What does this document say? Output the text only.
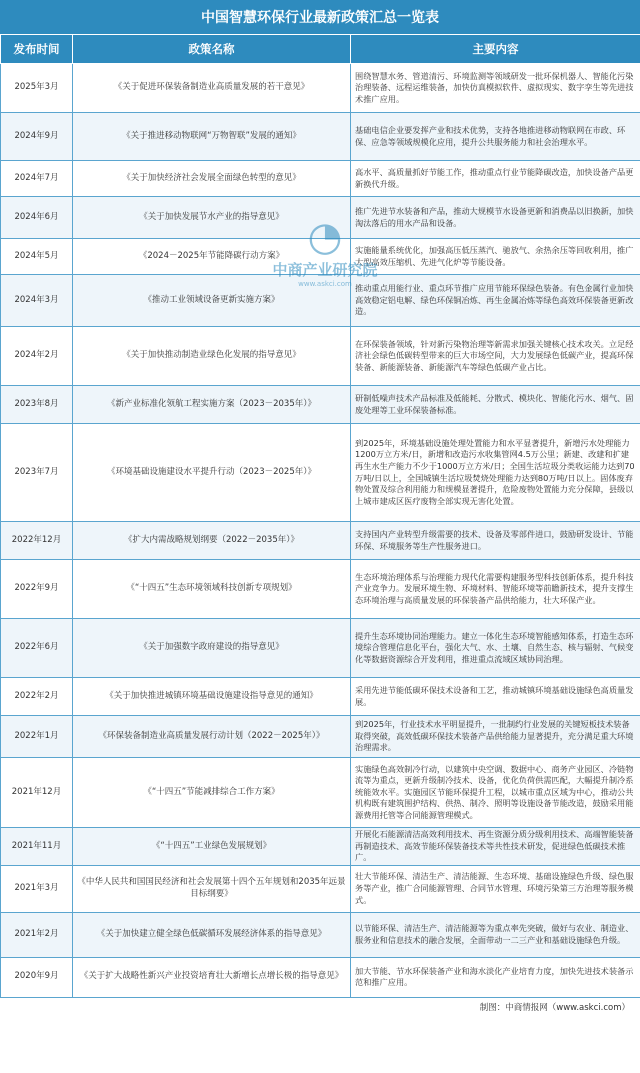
中国智慧环保行业最新政策汇总一览表
发布时间	政策名称	主要内容
2025年3月	《关于促进环保装备制造业高质量发展的若干意见》	围绕智慧水务、管道清污、环境监测等领域研发一批环保机器人、智能化污染治理装备、远程运维装备，加快仿真模拟软件、虚拟现实、数字孪生等先进技术推广应用。
2024年9月	《关于推进移动物联网“万物智联”发展的通知》	基础电信企业要发挥产业和技术优势，支持各地推进移动物联网在市政、环保、应急等领域规模化应用，提升公共服务能力和社会治理水平。
2024年7月	《关于加快经济社会发展全面绿色转型的意见》	高水平、高质量抓好节能工作，推动重点行业节能降碳改造，加快设备产品更新换代升级。
2024年6月	《关于加快发展节水产业的指导意见》	推广先进节水装备和产品，推动大规模节水设备更新和消费品以旧换新，加快淘汰落后的用水产品和设备。
2024年5月	《2024－2025年节能降碳行动方案》	实施能量系统优化，加强高压低压蒸汽、驰放气、余热余压等回收利用，推广大型高效压缩机、先进气化炉等节能设备。
2024年3月	《推动工业领域设备更新实施方案》	推动重点用能行业、重点环节推广应用节能环保绿色装备。有色金属行业加快高效稳定铝电解、绿色环保铜冶炼、再生金属冶炼等绿色高效环保装备更新改造。
2024年2月	《关于加快推动制造业绿色化发展的指导意见》	在环保装备领域，针对新污染物治理等新需求加强关键核心技术攻关。立足经济社会绿色低碳转型带来的巨大市场空间，大力发展绿色低碳产业，提高环保装备、新能源装备、新能源汽车等绿色低碳产业占比。
2023年8月	《新产业标准化领航工程实施方案（2023－2035年）》	研制低噪声技术产品标准及低能耗、分散式、模块化、智能化污水、烟气、固废处理等工业环保装备标准。
2023年7月	《环境基础设施建设水平提升行动（2023－2025年）》	到2025年，环境基础设施处理处置能力和水平显著提升，新增污水处理能力1200万立方米/日，新增和改造污水收集管网4.5万公里；新建、改建和扩建再生水生产能力不少于1000万立方米/日；全国生活垃圾分类收运能力达到70万吨/日以上，全国城镇生活垃圾焚烧处理能力达到80万吨/日以上。固体废弃物处置及综合利用能力和规模显著提升，危险废物处置能力充分保障，县级以上城市建成区医疗废物全部实现无害化处置。
2022年12月	《扩大内需战略规划纲要（2022－2035年）》	支持国内产业转型升级需要的技术、设备及零部件进口，鼓励研发设计、节能环保、环境服务等生产性服务进口。
2022年9月	《“十四五”生态环境领域科技创新专项规划》	生态环境治理体系与治理能力现代化需要构建服务型科技创新体系，提升科技产业竞争力。发展环境生物、环境材料、智能环境等前瞻新技术，提升支撑生态环境治理与高质量发展的环保装备产品供给能力，壮大环保产业。
2022年6月	《关于加强数字政府建设的指导意见》	提升生态环境协同治理能力。建立一体化生态环境智能感知体系，打造生态环境综合管理信息化平台，强化大气、水、土壤、自然生态、核与辐射、气候变化等数据资源综合开发利用，推进重点流域区域协同治理。
2022年2月	《关于加快推进城镇环境基础设施建设指导意见的通知》	采用先进节能低碳环保技术设备和工艺，推动城镇环境基础设施绿色高质量发展。
2022年1月	《环保装备制造业高质量发展行动计划（2022－2025年）》	到2025年，行业技术水平明显提升，一批制约行业发展的关键短板技术装备取得突破，高效低碳环保技术装备产品供给能力显著提升，充分满足重大环境治理需求。
2021年12月	《“十四五”节能减排综合工作方案》	实施绿色高效制冷行动，以建筑中央空调、数据中心、商务产业园区、冷链物流等为重点，更新升级制冷技术、设备，优化负荷供需匹配，大幅提升制冷系统能效水平。实施园区节能环保提升工程，以城市重点区域为中心，推动公共机构既有建筑围护结构、供热、制冷、照明等设施设备节能改造，鼓励采用能源费用托管等合同能源管理模式。
2021年11月	《“十四五”工业绿色发展规划》	开展化石能源清洁高效利用技术、再生资源分质分级利用技术、高端智能装备再制造技术、高效节能环保装备技术等共性技术研发，促进绿色低碳技术推广。
2021年3月	《中华人民共和国国民经济和社会发展第十四个五年规划和2035年远景目标纲要》	壮大节能环保、清洁生产、清洁能源、生态环境、基础设施绿色升级、绿色服务等产业，推广合同能源管理、合同节水管理、环境污染第三方治理等服务模式。
2021年2月	《关于加快建立健全绿色低碳循环发展经济体系的指导意见》	以节能环保、清洁生产、清洁能源等为重点率先突破，做好与农业、制造业、服务业和信息技术的融合发展，全面带动一二三产业和基础设施绿色升级。
2020年9月	《关于扩大战略性新兴产业投资培育壮大新增长点增长极的指导意见》	加大节能、节水环保装备产业和海水淡化产业培育力度，加快先进技术装备示范和推广应用。
制图：中商情报网（www.askci.com）
◔
中商产业研究院
www.askci.com
